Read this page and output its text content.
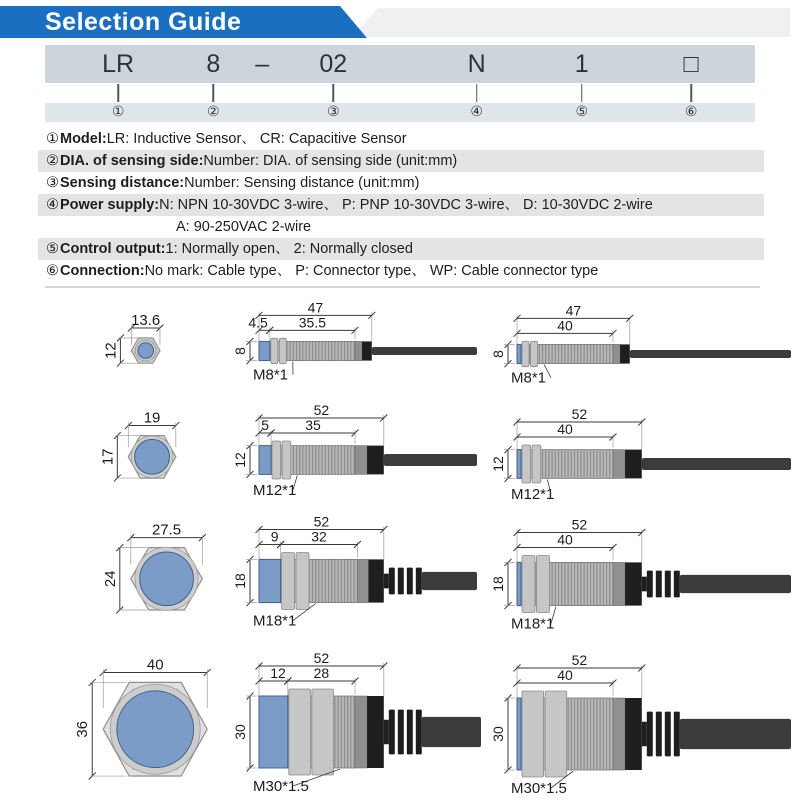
Selection Guide
LR	8 – 02	N	1	□
①	②	③	④	⑤	⑥
①Model:LR: Inductive Sensor、 CR: Capacitive Sensor
②DIA. of sensing side:Number: DIA. of sensing side (unit:mm)
③Sensing distance:Number: Sensing distance (unit:mm)
④Power supply:N: NPN 10-30VDC 3-wire、 P: PNP 10-30VDC 3-wire、 D: 10-30VDC 2-wire
A: 90-250VAC 2-wire
⑤Control output:1: Normally open、 2: Normally closed
⑥Connection:No mark: Cable type、 P: Connector type、 WP: Cable connector type
13.6
12
47
35.5
4.5
8
M8*1
47
40
8
M8*1
19
17
52
35
5
12
M12*1
52
40
12
M12*1
27.5
24
52
32
9
18
M18*1
52
40
18
M18*1
40
36
52
28
12
30
M30*1.5
52
40
30
M30*1.5
